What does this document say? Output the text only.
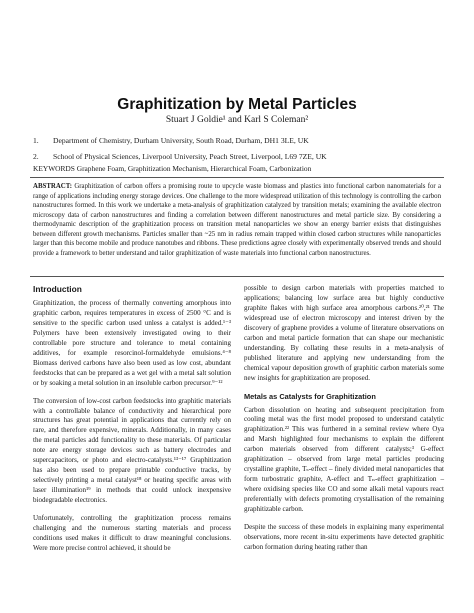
Graphitization by Metal Particles
Stuart J Goldie¹ and Karl S Coleman²
1. Department of Chemistry, Durham University, South Road, Durham, DH1 3LE, UK
2. School of Physical Sciences, Liverpool University, Peach Street, Liverpool, L69 7ZE, UK
KEYWORDS Graphene Foam, Graphitization Mechanism, Hierarchical Foam, Carbonization
ABSTRACT: Graphitization of carbon offers a promising route to upcycle waste biomass and plastics into functional carbon nanomaterials for a range of applications including energy storage devices. One challenge to the more widespread utilization of this technology is controlling the carbon nanostructures formed. In this work we undertake a meta-analysis of graphitization catalyzed by transition metals; examining the available electron microscopy data of carbon nanostructures and finding a correlation between different nanostructures and metal particle size. By considering a thermodynamic description of the graphitization process on transition metal nanoparticles we show an energy barrier exists that distinguishes between different growth mechanisms. Particles smaller than ~25 nm in radius remain trapped within closed carbon structures while nanoparticles larger than this become mobile and produce nanotubes and ribbons. These predictions agree closely with experimentally observed trends and should provide a framework to better understand and tailor graphitization of waste materials into functional carbon nanostructures.
Introduction

Graphitization, the process of thermally converting amorphous into graphitic carbon, requires temperatures in excess of 2500 °C and is sensitive to the specific carbon used unless a catalyst is added.¹⁻³ Polymers have been extensively investigated owing to their controllable pore structure and tolerance to metal containing additives, for example resorcinol-formaldehyde emulsions.⁴⁻⁸ Biomass derived carbons have also been used as low cost, abundant feedstocks that can be prepared as a wet gel with a metal salt solution or by soaking a metal solution in an insoluble carbon precursor.⁹⁻¹²

The conversion of low-cost carbon feedstocks into graphitic materials with a controllable balance of conductivity and hierarchical pore structures has great potential in applications that currently rely on rare, and therefore expensive, minerals. Additionally, in many cases the metal particles add functionality to these materials. Of particular note are energy storage devices such as battery electrodes and supercapacitors, or photo and electro-catalysts.¹³⁻¹⁷ Graphitization has also been used to prepare printable conductive tracks, by selectively printing a metal catalyst¹⁸ or heating specific areas with laser illumination¹⁹ in methods that could unlock inexpensive biodegradable electronics.

Unfortunately, controlling the graphitization process remains challenging and the numerous starting materials and process conditions used makes it difficult to draw meaningful conclusions. Were more precise control achieved, it should be

possible to design carbon materials with properties matched to applications; balancing low surface area but highly conductive graphite flakes with high surface area amorphous carbons.²⁰,²¹ The widespread use of electron microscopy and interest driven by the discovery of graphene provides a volume of literature observations on carbon and metal particle formation that can shape our mechanistic understanding. By collating these results in a meta-analysis of published literature and applying new understanding from the chemical vapour deposition growth of graphitic carbon materials some new insights for graphitization are proposed.

Metals as Catalysts for Graphitization

Carbon dissolution on heating and subsequent precipitation from cooling metal was the first model proposed to understand catalytic graphitization.²² This was furthered in a seminal review where Oya and Marsh highlighted four mechanisms to explain the different carbon materials observed from different catalysts;³ G-effect graphitization – observed from large metal particles producing crystalline graphite, Tₛ-effect – finely divided metal nanoparticles that form turbostratic graphite, A-effect and Tₙ-effect graphitization – where oxidising species like CO and some alkali metal vapours react preferentially with defects promoting crystallisation of the remaining graphitizable carbon.

Despite the success of these models in explaining many experimental observations, more recent in-situ experiments have detected graphitic carbon formation during heating rather than
